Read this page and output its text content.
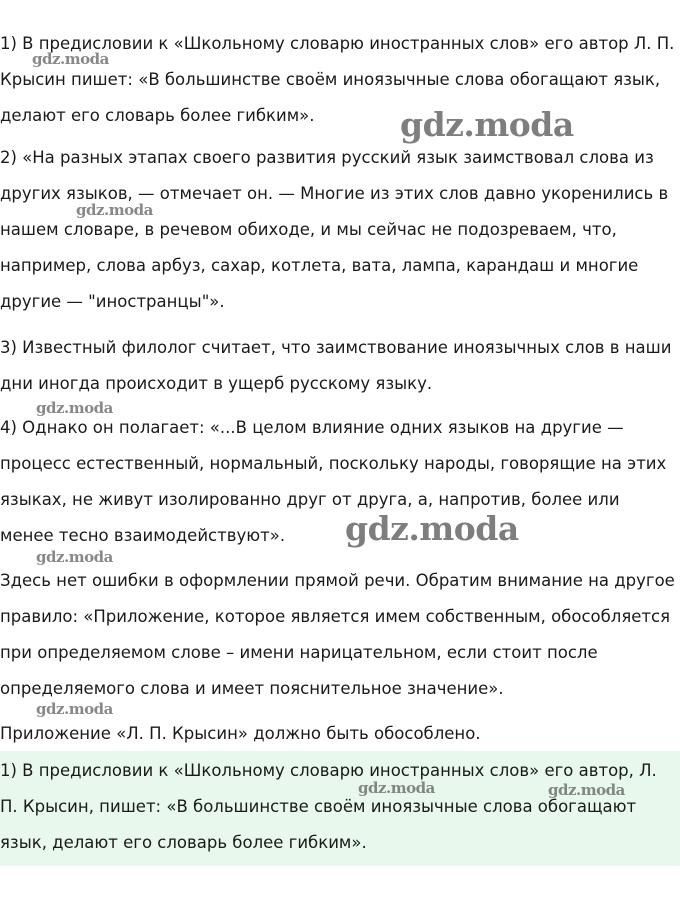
1) В предисловии к «Школьному словарю иностранных слов» его автор Л. П. Крысин пишет: «В большинстве своём иноязычные слова обогащают язык, делают его словарь более гибким».

2) «На разных этапах своего развития русский язык заимствовал слова из других языков, — отмечает он. — Многие из этих слов давно укоренились в нашем словаре, в речевом обиходе, и мы сейчас не подозреваем, что, например, слова арбуз, сахар, котлета, вата, лампа, карандаш и многие другие — "иностранцы"».

3) Известный филолог считает, что заимствование иноязычных слов в наши дни иногда происходит в ущерб русскому языку.

4) Однако он полагает: «...В целом влияние одних языков на другие — процесс естественный, нормальный, поскольку народы, говорящие на этих языках, не живут изолированно друг от друга, а, напротив, более или менее тесно взаимодействуют».

Здесь нет ошибки в оформлении прямой речи. Обратим внимание на другое правило: «Приложение, которое является имем собственным, обособляется при определяемом слове – имени нарицательном, если стоит после определяемого слова и имеет пояснительное значение».

Приложение «Л. П. Крысин» должно быть обособлено.

1) В предисловии к «Школьному словарю иностранных слов» его автор, Л. П. Крысин, пишет: «В большинстве своём иноязычные слова обогащают язык, делают его словарь более гибким».

gdz.moda
gdz.moda
gdz.moda
gdz.moda
gdz.moda
gdz.moda
gdz.moda
gdz.moda	gdz.moda
